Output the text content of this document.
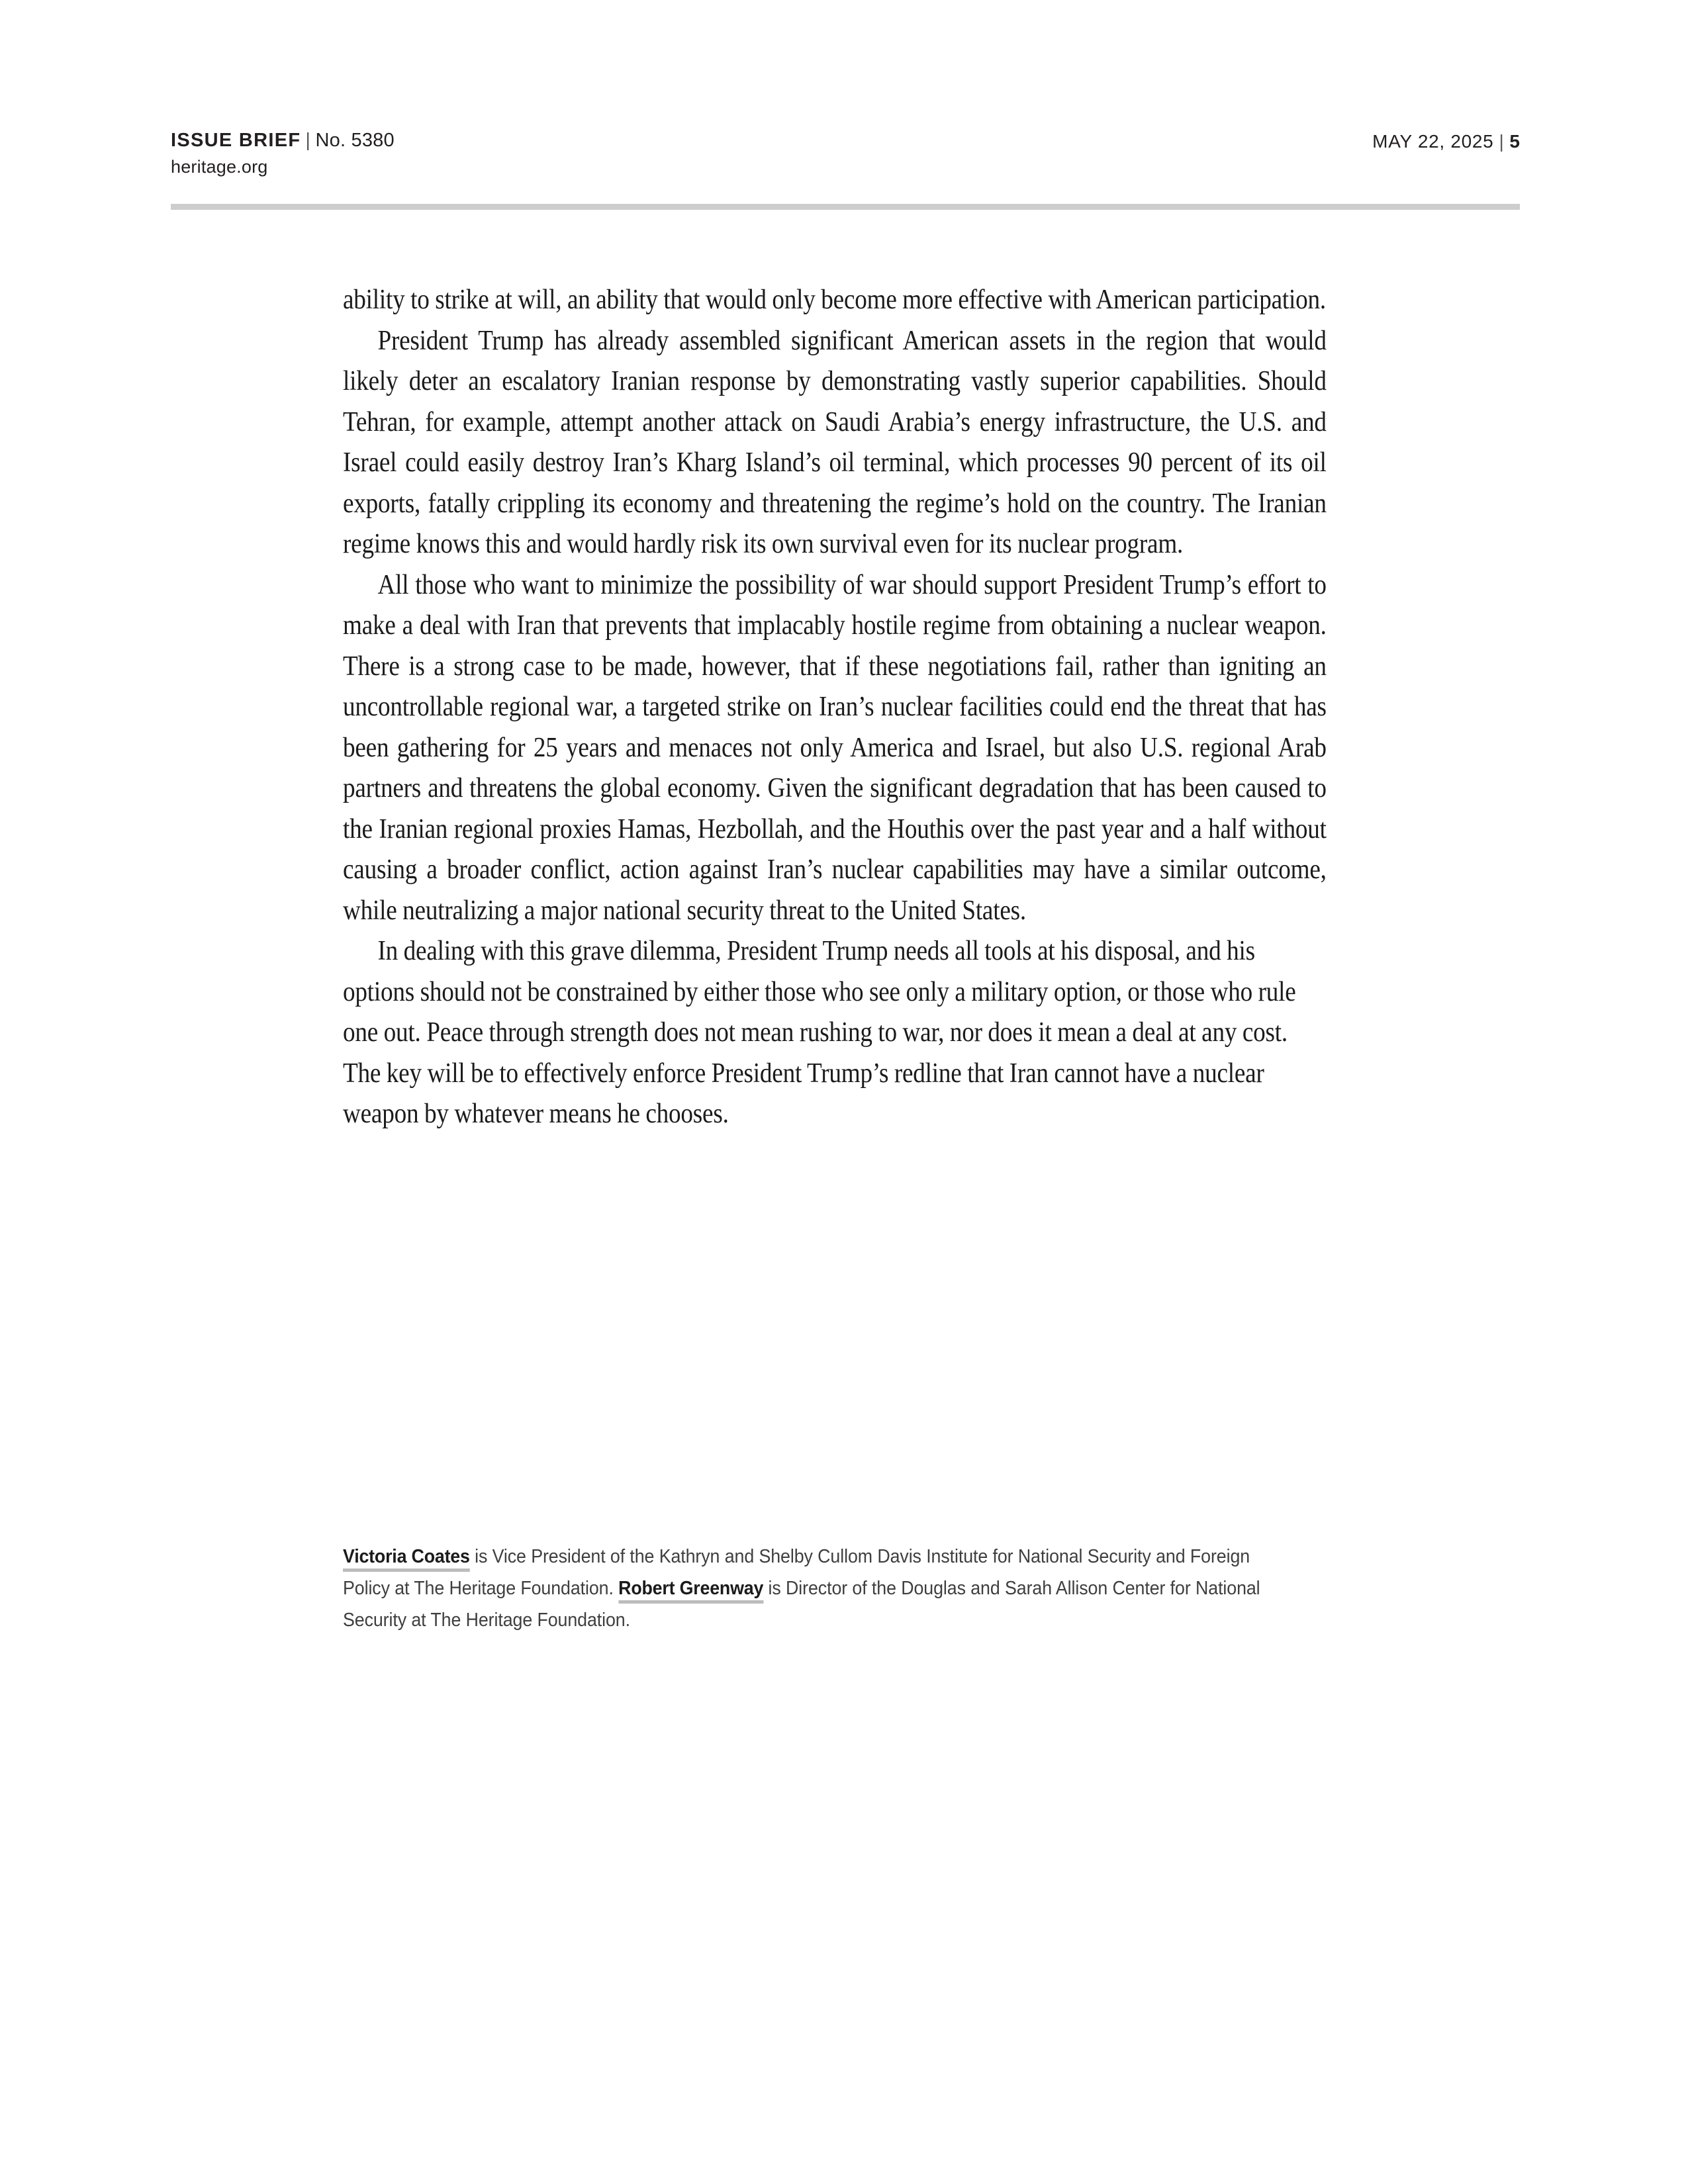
ISSUE BRIEF | No. 5380
heritage.org
MAY 22, 2025 | 5

ability to strike at will, an ability that would only become more effective with American participation.

President Trump has already assembled significant American assets in the region that would likely deter an escalatory Iranian response by demonstrating vastly superior capabilities. Should Tehran, for example, attempt another attack on Saudi Arabia’s energy infrastructure, the U.S. and Israel could easily destroy Iran’s Kharg Island’s oil terminal, which processes 90 percent of its oil exports, fatally crippling its economy and threatening the regime’s hold on the country. The Iranian regime knows this and would hardly risk its own survival even for its nuclear program.

All those who want to minimize the possibility of war should support President Trump’s effort to make a deal with Iran that prevents that implacably hostile regime from obtaining a nuclear weapon. There is a strong case to be made, however, that if these negotiations fail, rather than igniting an uncontrollable regional war, a targeted strike on Iran’s nuclear facilities could end the threat that has been gathering for 25 years and menaces not only America and Israel, but also U.S. regional Arab partners and threatens the global economy. Given the significant degradation that has been caused to the Iranian regional proxies Hamas, Hezbollah, and the Houthis over the past year and a half without causing a broader conflict, action against Iran’s nuclear capabilities may have a similar outcome, while neutralizing a major national security threat to the United States.

In dealing with this grave dilemma, President Trump needs all tools at his disposal, and his options should not be constrained by either those who see only a military option, or those who rule one out. Peace through strength does not mean rushing to war, nor does it mean a deal at any cost. The key will be to effectively enforce President Trump’s redline that Iran cannot have a nuclear weapon by whatever means he chooses.

Victoria Coates is Vice President of the Kathryn and Shelby Cullom Davis Institute for National Security and Foreign Policy at The Heritage Foundation. Robert Greenway is Director of the Douglas and Sarah Allison Center for National Security at The Heritage Foundation.
